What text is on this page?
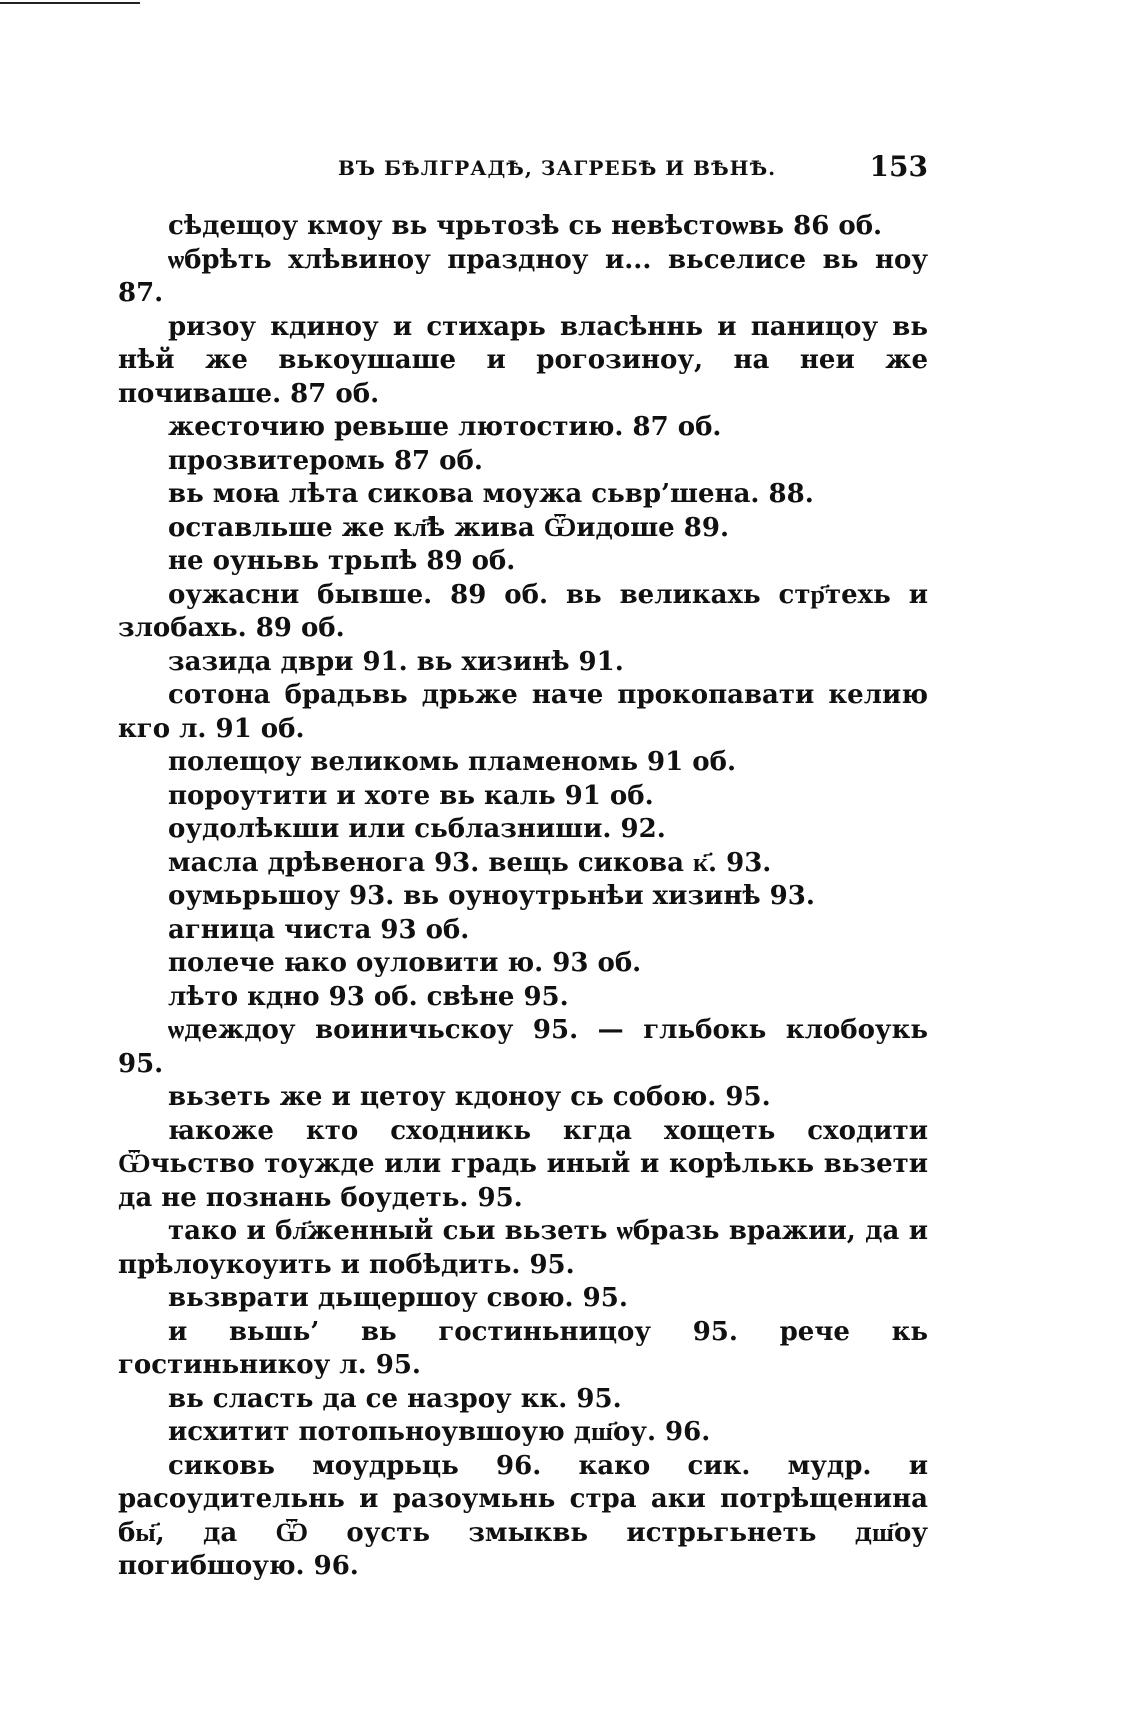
ВЪ БѢЛГРАДѢ, ЗАГРЕБѢ И ВѢНѢ.	153

сѣдещоу кмоу вь чрьтозѣ сь невѣстоѡвь 86 об.

ѡбрѣть хлѣвиноу праздноу и... вьселисе вь ноу 87.

ризоу кдиноу и стихарь власѣннь и паницоу вь нѣй же вькоушаше и рогозиноу, на неи же почиваше. 87 об.

жесточию ревьше лютостию. 87 об.

прозвитеромь 87 об.

вь моꙗ лѣта сикова моужа сьвр’шена. 88.

оставльше же кл҃ѣ жива Ѿидоше 89.

не оуньвь трьпѣ 89 об.

оужасни бывше. 89 об. вь великахь стр҃техь и злобахь. 89 об.

зазида дври 91. вь хизинѣ 91.

сотона брадьвь дрьже наче прокопавати келию кго л. 91 об.

полещоу великомь пламеномь 91 об.

пороутити и хоте вь каль 91 об.

оудолѣкши или сьблазниши. 92.

масла дрѣвенога 93. вещь сикова к҃. 93.

оумьрьшоу 93. вь оуноутрьнѣи хизинѣ 93.

агница чиста 93 об.

полече ꙗко оуловити ю. 93 об.

лѣто кдно 93 об. свѣне 95.

ѡдеждоу воиничьскоу 95. — гльбокь клобоукь 95.

вьзеть же и цетоу кдоноу сь собою. 95.

ꙗкоже кто сходникь кгда хощеть сходити Ѿчьство тоужде или градь иный и корѣлькь вьзети да не познань боудеть. 95.

тако и бл҃женный сьи вьзеть ѡбразь вражии, да и прѣлоукоуить и побѣдить. 95.

вьзврати дьщершоу свою. 95.

и вьшь’ вь гостиньницоу 95. рече кь гостиньникоу л. 95.

вь сласть да се назроу кк. 95.

исхитит потопьноувшоую дш҃оу. 96.

сиковь моудрьць 96. како сик. мудр. и расоудительнь и разоумьнь стра аки потрѣщенина бы҃, да Ѿ оусть змыквь истрьгьнеть дш҃оу погибшоую. 96.
